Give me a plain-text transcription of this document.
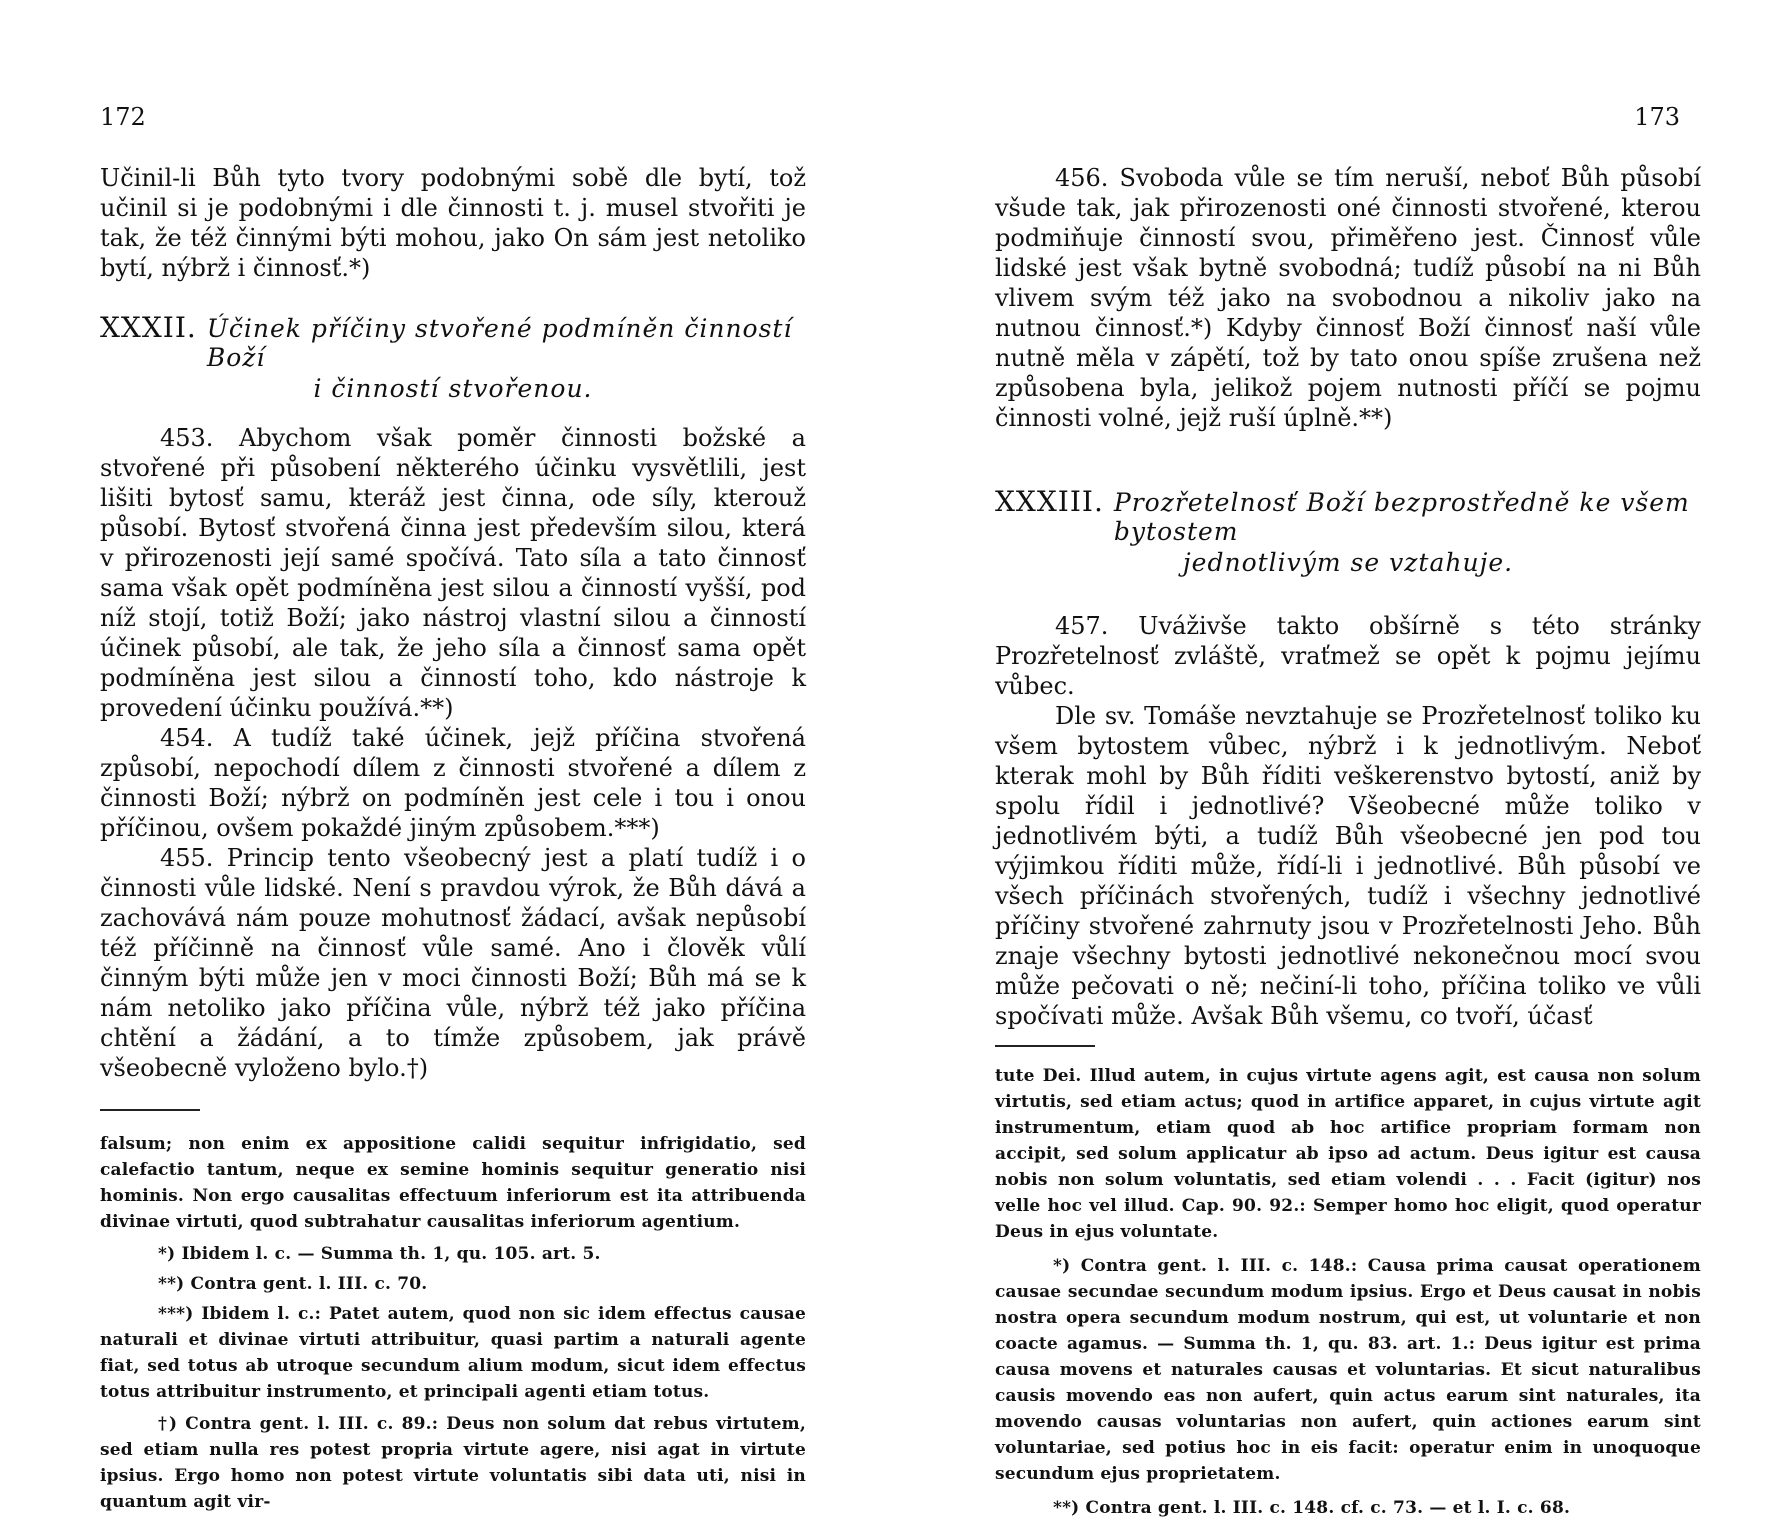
172

Učinil-li Bůh tyto tvory podobnými sobě dle bytí, tož učinil si je podobnými i dle činnosti t. j. musel stvořiti je tak, že též činnými býti mohou, jako On sám jest netoliko bytí, nýbrž i činnosť.*)

XXXII. Účinek příčiny stvořené podmíněn činností Boží

i činností stvořenou.

453. Abychom však poměr činnosti božské a stvořené při působení některého účinku vysvětlili, jest lišiti bytosť samu, kteráž jest činna, ode síly, kterouž působí. Bytosť stvořená činna jest především silou, která v přirozenosti její samé spočívá. Tato síla a tato činnosť sama však opět podmíněna jest silou a činností vyšší, pod níž stojí, totiž Boží; jako nástroj vlastní silou a činností účinek působí, ale tak, že jeho síla a činnosť sama opět podmíněna jest silou a činností toho, kdo nástroje k provedení účinku používá.**)

454. A tudíž také účinek, jejž příčina stvořená způsobí, nepochodí dílem z činnosti stvořené a dílem z činnosti Boží; nýbrž on podmíněn jest cele i tou i onou příčinou, ovšem pokaždé jiným způsobem.***)

455. Princip tento všeobecný jest a platí tudíž i o činnosti vůle lidské. Není s pravdou výrok, že Bůh dává a zachovává nám pouze mohutnosť žádací, avšak nepůsobí též příčinně na činnosť vůle samé. Ano i člověk vůlí činným býti může jen v moci činnosti Boží; Bůh má se k nám netoliko jako příčina vůle, nýbrž též jako příčina chtění a žádání, a to tímže způsobem, jak právě všeobecně vyloženo bylo.†)

falsum; non enim ex appositione calidi sequitur infrigidatio, sed calefactio tantum, neque ex semine hominis sequitur generatio nisi hominis. Non ergo causalitas effectuum inferiorum est ita attribuenda divinae virtuti, quod subtrahatur causalitas inferiorum agentium.

*) Ibidem l. c. — Summa th. 1, qu. 105. art. 5.

**) Contra gent. l. III. c. 70.

***) Ibidem l. c.: Patet autem, quod non sic idem effectus causae naturali et divinae virtuti attribuitur, quasi partim a naturali agente fiat, sed totus ab utroque secundum alium modum, sicut idem effectus totus attribuitur instrumento, et principali agenti etiam totus.

†) Contra gent. l. III. c. 89.: Deus non solum dat rebus virtutem, sed etiam nulla res potest propria virtute agere, nisi agat in virtute ipsius. Ergo homo non potest virtute voluntatis sibi data uti, nisi in quantum agit vir-

173

456. Svoboda vůle se tím neruší, neboť Bůh působí všude tak, jak přirozenosti oné činnosti stvořené, kterou podmiňuje činností svou, přiměřeno jest. Činnosť vůle lidské jest však bytně svobodná; tudíž působí na ni Bůh vlivem svým též jako na svobodnou a nikoliv jako na nutnou činnosť.*) Kdyby činnosť Boží činnosť naší vůle nutně měla v zápětí, tož by tato onou spíše zrušena než způsobena byla, jelikož pojem nutnosti příčí se pojmu činnosti volné, jejž ruší úplně.**)

XXXIII. Prozřetelnosť Boží bezprostředně ke všem bytostem

jednotlivým se vztahuje.

457. Uváživše takto obšírně s této stránky Prozřetelnosť zvláště, vraťmež se opět k pojmu jejímu vůbec.

Dle sv. Tomáše nevztahuje se Prozřetelnosť toliko ku všem bytostem vůbec, nýbrž i k jednotlivým. Neboť kterak mohl by Bůh říditi veškerenstvo bytostí, aniž by spolu řídil i jednotlivé? Všeobecné může toliko v jednotlivém býti, a tudíž Bůh všeobecné jen pod tou výjimkou říditi může, řídí-li i jednotlivé. Bůh působí ve všech příčinách stvořených, tudíž i všechny jednotlivé příčiny stvořené zahrnuty jsou v Prozřetelnosti Jeho. Bůh znaje všechny bytosti jednotlivé nekonečnou mocí svou může pečovati o ně; nečiní-li toho, příčina toliko ve vůli spočívati může. Avšak Bůh všemu, co tvoří, účasť

tute Dei. Illud autem, in cujus virtute agens agit, est causa non solum virtutis, sed etiam actus; quod in artifice apparet, in cujus virtute agit instrumentum, etiam quod ab hoc artifice propriam formam non accipit, sed solum applicatur ab ipso ad actum. Deus igitur est causa nobis non solum voluntatis, sed etiam volendi . . . Facit (igitur) nos velle hoc vel illud. Cap. 90. 92.: Semper homo hoc eligit, quod operatur Deus in ejus voluntate.

*) Contra gent. l. III. c. 148.: Causa prima causat operationem causae secundae secundum modum ipsius. Ergo et Deus causat in nobis nostra opera secundum modum nostrum, qui est, ut voluntarie et non coacte agamus. — Summa th. 1, qu. 83. art. 1.: Deus igitur est prima causa movens et naturales causas et voluntarias. Et sicut naturalibus causis movendo eas non aufert, quin actus earum sint naturales, ita movendo causas voluntarias non aufert, quin actiones earum sint voluntariae, sed potius hoc in eis facit: operatur enim in unoquoque secundum ejus proprietatem.

**) Contra gent. l. III. c. 148. cf. c. 73. — et l. I. c. 68.
